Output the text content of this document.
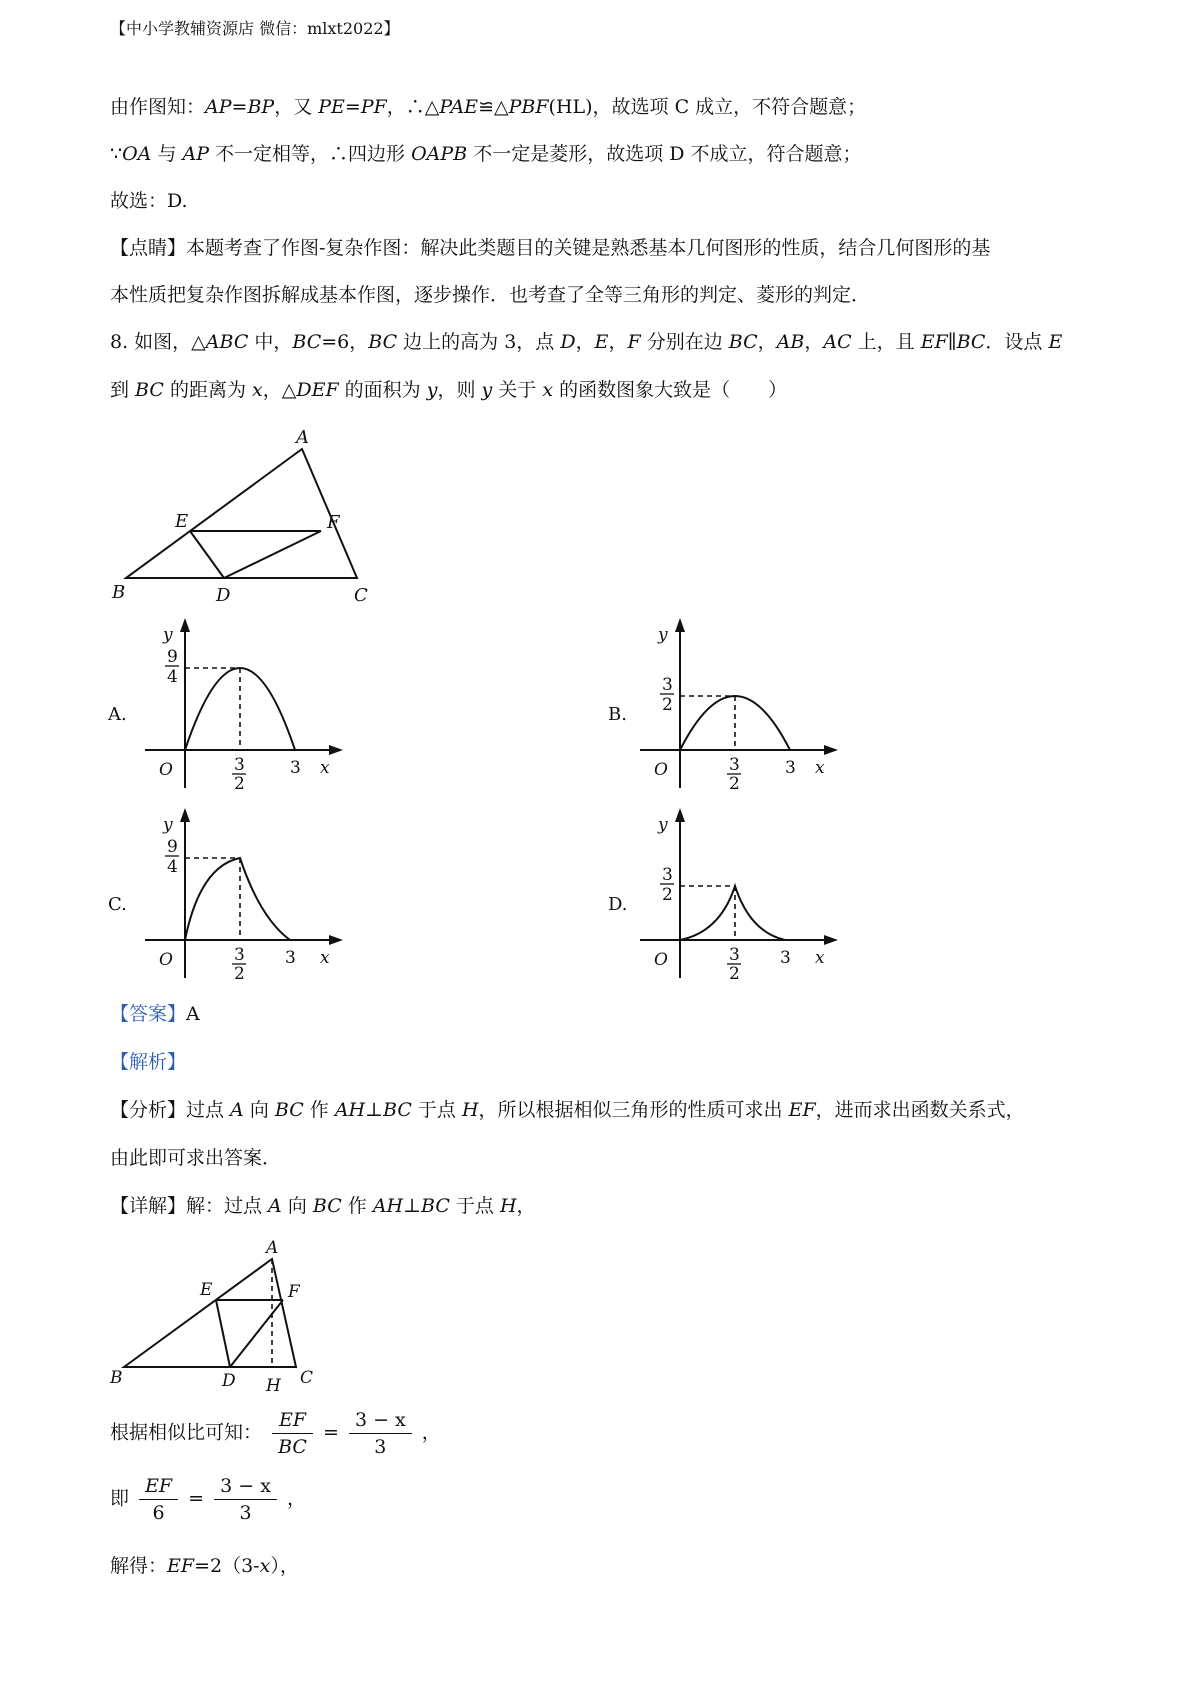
【中小学教辅资源店 微信：mlxt2022】
由作图知：AP=BP，又 PE=PF，∴△PAE≌△PBF(HL)，故选项 C 成立，不符合题意；
∵OA 与 AP 不一定相等，∴四边形 OAPB 不一定是菱形，故选项 D 不成立，符合题意；
故选：D.
【点睛】本题考查了作图-复杂作图：解决此类题目的关键是熟悉基本几何图形的性质，结合几何图形的基
本性质把复杂作图拆解成基本作图，逐步操作．也考查了全等三角形的判定、菱形的判定．
8. 如图，△ABC 中，BC=6，BC 边上的高为 3，点 D，E，F 分别在边 BC，AB，AC 上，且 EF∥BC．设点 E
到 BC 的距离为 x，△DEF 的面积为 y，则 y 关于 x 的函数图象大致是（　　）
A
B	C
D
E	F
A.	B.
C.	D.
y
x
O
9
4
3
2
3
y
x
O
3
2
3
2
3
y
x
O
9
4
3
2
3
y
x
O
3
2
3
2
3
【答案】A
【解析】
【分析】过点 A 向 BC 作 AH⊥BC 于点 H，所以根据相似三角形的性质可求出 EF，进而求出函数关系式，
由此即可求出答案．
【详解】解：过点 A 向 BC 作 AH⊥BC 于点 H，
A
B	C
D
E	F
H
根据相似比可知： $\frac{EF}{BC} = \frac{3 - x}{3}$ ，
即 $\frac{EF}{6} = \frac{3 - x}{3}$ ，
解得：EF=2（3-x），
